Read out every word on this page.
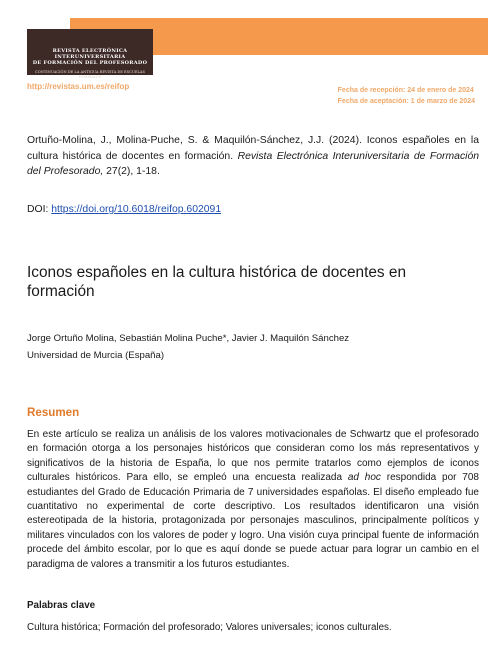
REVISTA ELECTRÓNICA INTERUNIVERSITARIA
DE FORMACIÓN DEL PROFESORADO
CONTINUACIÓN DE LA ANTIGUA REVISTA DE ESCUELAS NORMALES
http://revistas.um.es/reifop	Fecha de recepción: 24 de enero de 2024
Fecha de aceptación: 1 de marzo de 2024
Ortuño-Molina, J., Molina-Puche, S. & Maquilón-Sánchez, J.J. (2024). Iconos españoles en la cultura histórica de docentes en formación. Revista Electrónica Interuniversitaria de Formación del Profesorado, 27(2), 1-18.
DOI: https://doi.org/10.6018/reifop.602091
Iconos españoles en la cultura histórica de docentes en formación
Jorge Ortuño Molina, Sebastián Molina Puche*, Javier J. Maquilón Sánchez
Universidad de Murcia (España)
Resumen
En este artículo se realiza un análisis de los valores motivacionales de Schwartz que el profesorado en formación otorga a los personajes históricos que consideran como los más representativos y significativos de la historia de España, lo que nos permite tratarlos como ejemplos de iconos culturales históricos. Para ello, se empleó una encuesta realizada ad hoc respondida por 708 estudiantes del Grado de Educación Primaria de 7 universidades españolas. El diseño empleado fue cuantitativo no experimental de corte descriptivo. Los resultados identificaron una visión estereotipada de la historia, protagonizada por personajes masculinos, principalmente políticos y militares vinculados con los valores de poder y logro. Una visión cuya principal fuente de información procede del ámbito escolar, por lo que es aquí donde se puede actuar para lograr un cambio en el paradigma de valores a transmitir a los futuros estudiantes.
Palabras clave
Cultura histórica; Formación del profesorado; Valores universales; iconos culturales.
